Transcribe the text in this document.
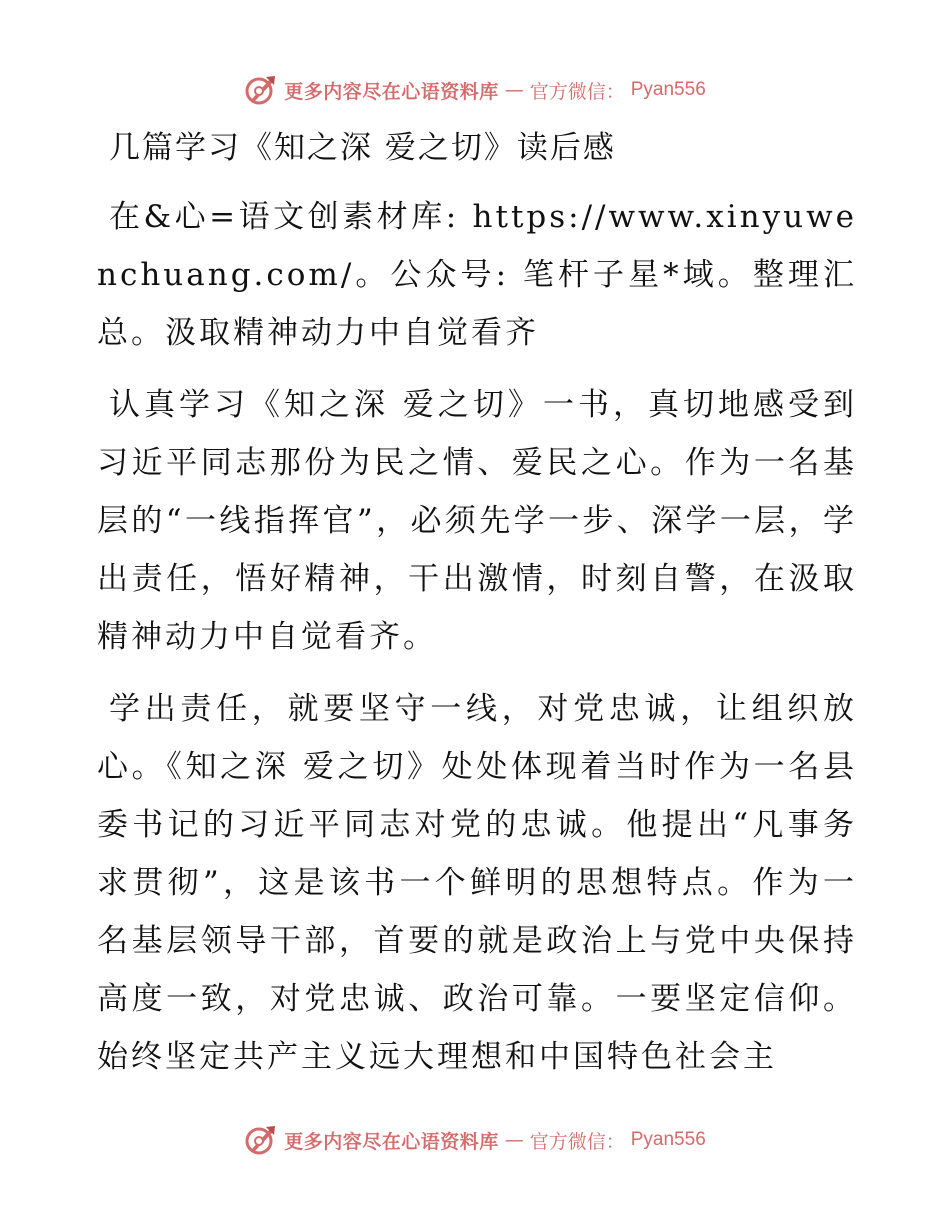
更多内容尽在心语资料库 — 官方微信： Pyan556
几篇学习《知之深 爱之切》读后感

在&心=语文创素材库: https://www.xinyuwenchuang.com/。公众号: 笔杆子星*域。整理汇总。汲取精神动力中自觉看齐

认真学习《知之深 爱之切》一书，真切地感受到习近平同志那份为民之情、爱民之心。作为一名基层的“一线指挥官”，必须先学一步、深学一层，学出责任，悟好精神，干出激情，时刻自警，在汲取精神动力中自觉看齐。

学出责任，就要坚守一线，对党忠诚，让组织放心。《知之深 爱之切》处处体现着当时作为一名县委书记的习近平同志对党的忠诚。他提出“凡事务求贯彻”，这是该书一个鲜明的思想特点。作为一名基层领导干部，首要的就是政治上与党中央保持高度一致，对党忠诚、政治可靠。一要坚定信仰。始终坚定共产主义远大理想和中国特色社会主

更多内容尽在心语资料库 — 官方微信： Pyan556
